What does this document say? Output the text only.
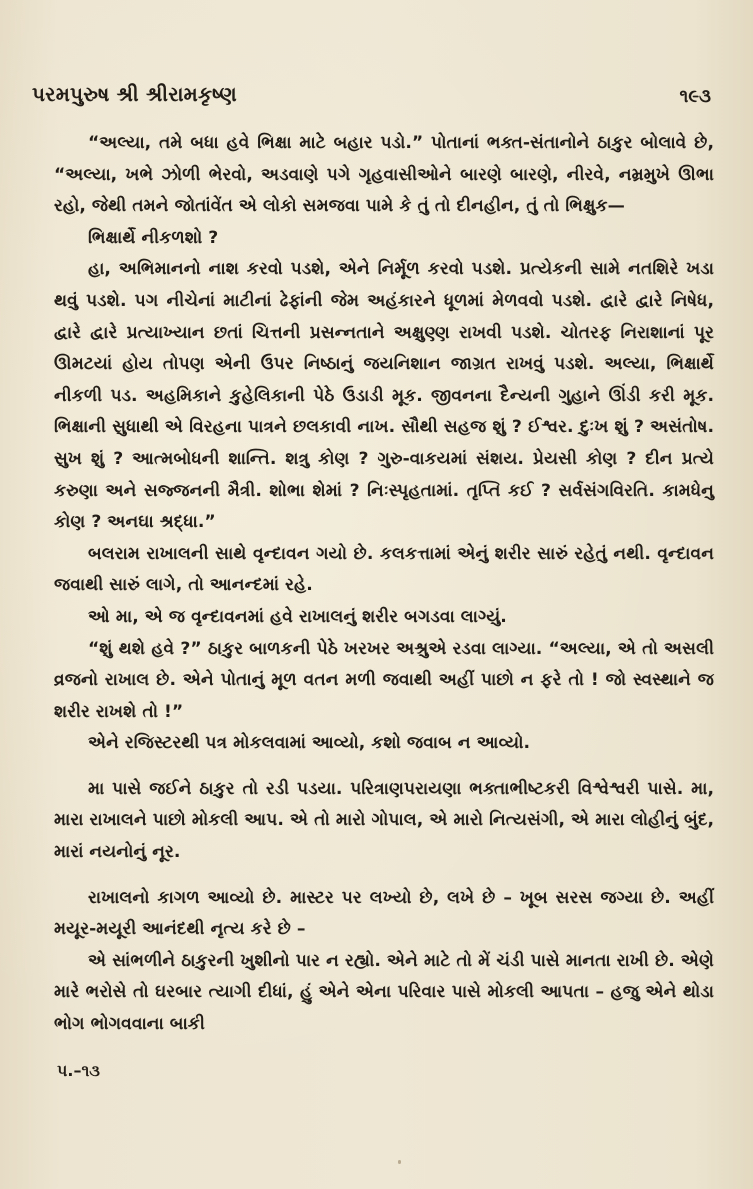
પરમપુરુષ શ્રી શ્રીરામકૃષ્ણ	૧૯૩

“અલ્યા, તમે બધા હવે ભિક્ષા માટે બહાર પડો.” પોતાનાં ભક્ત-સંતાનોને ઠાકુર બોલાવે છે, “અલ્યા, ખભે ઝોળી ભેરવો, અડવાણે પગે ગૃહવાસીઓને બારણે બારણે, નીરવે, નમ્રમુખે ઊભા રહો, જેથી તમને જોતાંવેંત એ લોકો સમજવા પામે કે તું તો દીનહીન, તું તો ભિક્ષુક—

ભિક્ષાર્થે નીકળશો ?

હા, અભિમાનનો નાશ કરવો પડશે, એને નિર્મૂળ કરવો પડશે. પ્રત્યેકની સામે નતશિરે ખડા થવું પડશે. પગ નીચેનાં માટીનાં ઢેફાંની જેમ અહંકારને ધૂળમાં મેળવવો પડશે. દ્વારે દ્વારે નિષેધ, દ્વારે દ્વારે પ્રત્યાખ્યાન છતાં ચિત્તની પ્રસન્નતાને અક્ષુણ્ણ રાખવી પડશે. ચોતરફ નિરાશાનાં પૂર ઊમટયાં હોય તોપણ એની ઉપર નિષ્ઠાનું જયનિશાન જાગ્રત રાખવું પડશે. અલ્યા, ભિક્ષાર્થે નીકળી પડ. અહમિકાને કુહેલિકાની પેઠે ઉડાડી મૂક. જીવનના દૈન્યની ગુહાને ઊંડી કરી મૂક. ભિક્ષાની સુધાથી એ વિરહના પાત્રને છલકાવી નાખ. સૌથી સહજ શું ? ઈશ્વર. દુઃખ શું ? અસંતોષ. સુખ શું ? આત્મબોધની શાન્તિ. શત્રુ કોણ ? ગુરુ-વાકયમાં સંશય. પ્રેયસી કોણ ? દીન પ્રત્યે કરુણા અને સજ્જનની મૈત્રી. શોભા શેમાં ? નિઃસ્પૃહતામાં. તૃપ્તિ કઈ ? સર્વસંગવિરતિ. કામધેનુ કોણ ? અનઘા શ્રદ્ધા.”

બલરામ રાખાલની સાથે વૃન્દાવન ગયો છે. કલકત્તામાં એનું શરીર સારું રહેતું નથી. વૃન્દાવન જવાથી સારું લાગે, તો આનન્દમાં રહે.

ઓ મા, એ જ વૃન્દાવનમાં હવે રાખાલનું શરીર બગડવા લાગ્યું.

“શું થશે હવે ?” ઠાકુર બાળકની પેઠે ખરખર અશ્રુએ રડવા લાગ્યા. “અલ્યા, એ તો અસલી વ્રજનો રાખાલ છે. એને પોતાનું મૂળ વતન મળી જવાથી અહીં પાછો ન ફરે તો ! જો સ્વસ્થાને જ શરીર રાખશે તો !”

એને રજિસ્ટરથી પત્ર મોકલવામાં આવ્યો, કશો જવાબ ન આવ્યો.

મા પાસે જઈને ઠાકુર તો રડી પડયા. પરિત્રાણપરાયણા ભક્તાભીષ્ટકરી વિશ્વેશ્વરી પાસે. મા, મારા રાખાલને પાછો મોકલી આપ. એ તો મારો ગોપાલ, એ મારો નિત્યસંગી, એ મારા લોહીનું બુંદ, મારાં નયનોનું નૂર.

રાખાલનો કાગળ આવ્યો છે. માસ્ટર પર લખ્યો છે, લખે છે – ખૂબ સરસ જગ્યા છે. અહીં મયૂર-મયૂરી આનંદથી નૃત્ય કરે છે –

એ સાંભળીને ઠાકુરની ખુશીનો પાર ન રહ્યો. એને માટે તો મેં ચંડી પાસે માનતા રાખી છે. એણે મારે ભરોસે તો ઘરબાર ત્યાગી દીધાં, હું એને એના પરિવાર પાસે મોકલી આપતા – હજુ એને થોડા ભોગ ભોગવવાના બાકી

પ.–૧૩
